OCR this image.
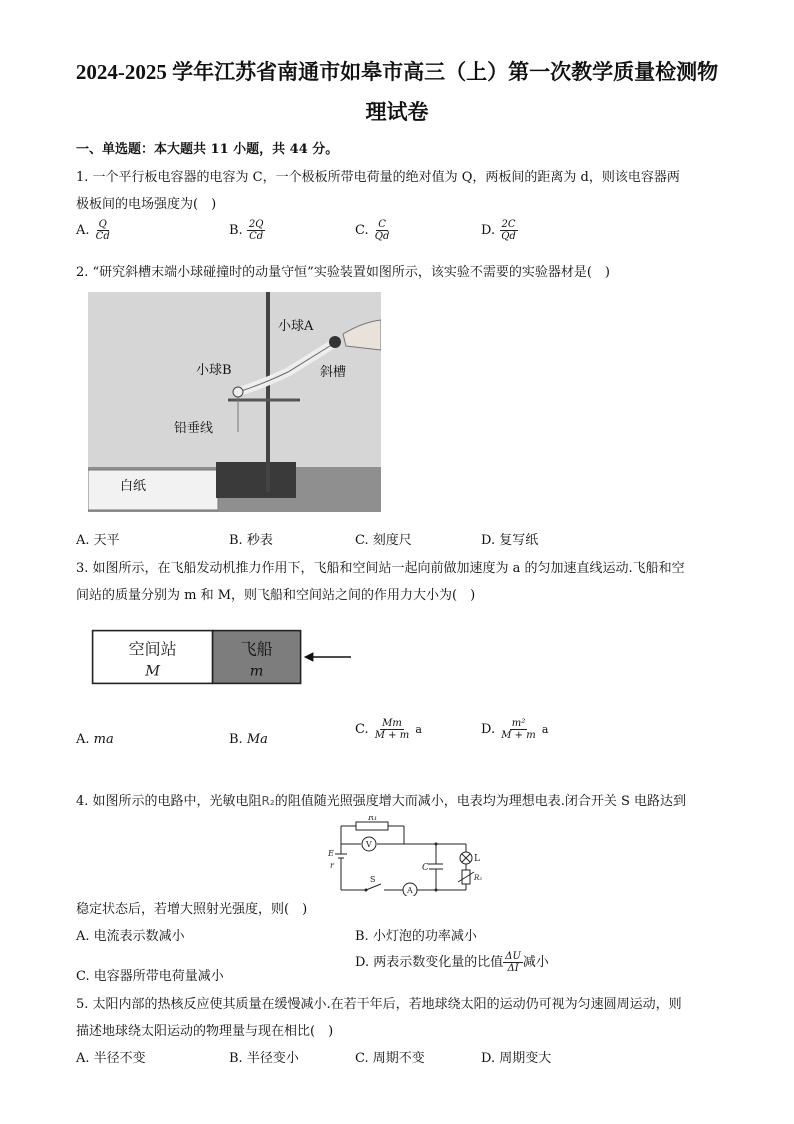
2024-2025 学年江苏省南通市如皋市高三（上）第一次教学质量检测物
理试卷
一、单选题：本大题共 11 小题，共 44 分。
1. 一个平行板电容器的电容为 C，一个极板所带电荷量的绝对值为 Q，两板间的距离为 d，则该电容器两
极板间的电场强度为(　)
A. $\frac{Q}{Cd}$	B. $\frac{2Q}{Cd}$	C. $\frac{C}{Qd}$	D. $\frac{2C}{Qd}$
2. “研究斜槽末端小球碰撞时的动量守恒”实验装置如图所示，该实验不需要的实验器材是(　)
小球A
小球B	斜槽
铅垂线
白纸
A. 天平	B. 秒表	C. 刻度尺	D. 复写纸
3. 如图所示，在飞船发动机推力作用下，飞船和空间站一起向前做加速度为 a 的匀加速直线运动.飞船和空
间站的质量分别为 m 和 M，则飞船和空间站之间的作用力大小为(　)
空间站
M
飞船
m
A. ma	B. Ma
C. $\frac{Mm}{M + m}$ a	D. $\frac{\text{m²}}{M + m}$ a
4. 如图所示的电路中，光敏电阻R₂的阻值随光照强度增大而减小，电表均为理想电表.闭合开关 S 电路达到
R₁
V
E
r	C
L
R₂
S
A
稳定状态后，若增大照射光强度，则(　)
A. 电流表示数减小	B. 小灯泡的功率减小
C. 电容器所带电荷量减小
D. 两表示数变化量的比值 $\frac{\Delta U}{\Delta I}$ 减小
5. 太阳内部的热核反应使其质量在缓慢减小.在若干年后，若地球绕太阳的运动仍可视为匀速圆周运动，则
描述地球绕太阳运动的物理量与现在相比(　)
A. 半径不变	B. 半径变小	C. 周期不变	D. 周期变大
